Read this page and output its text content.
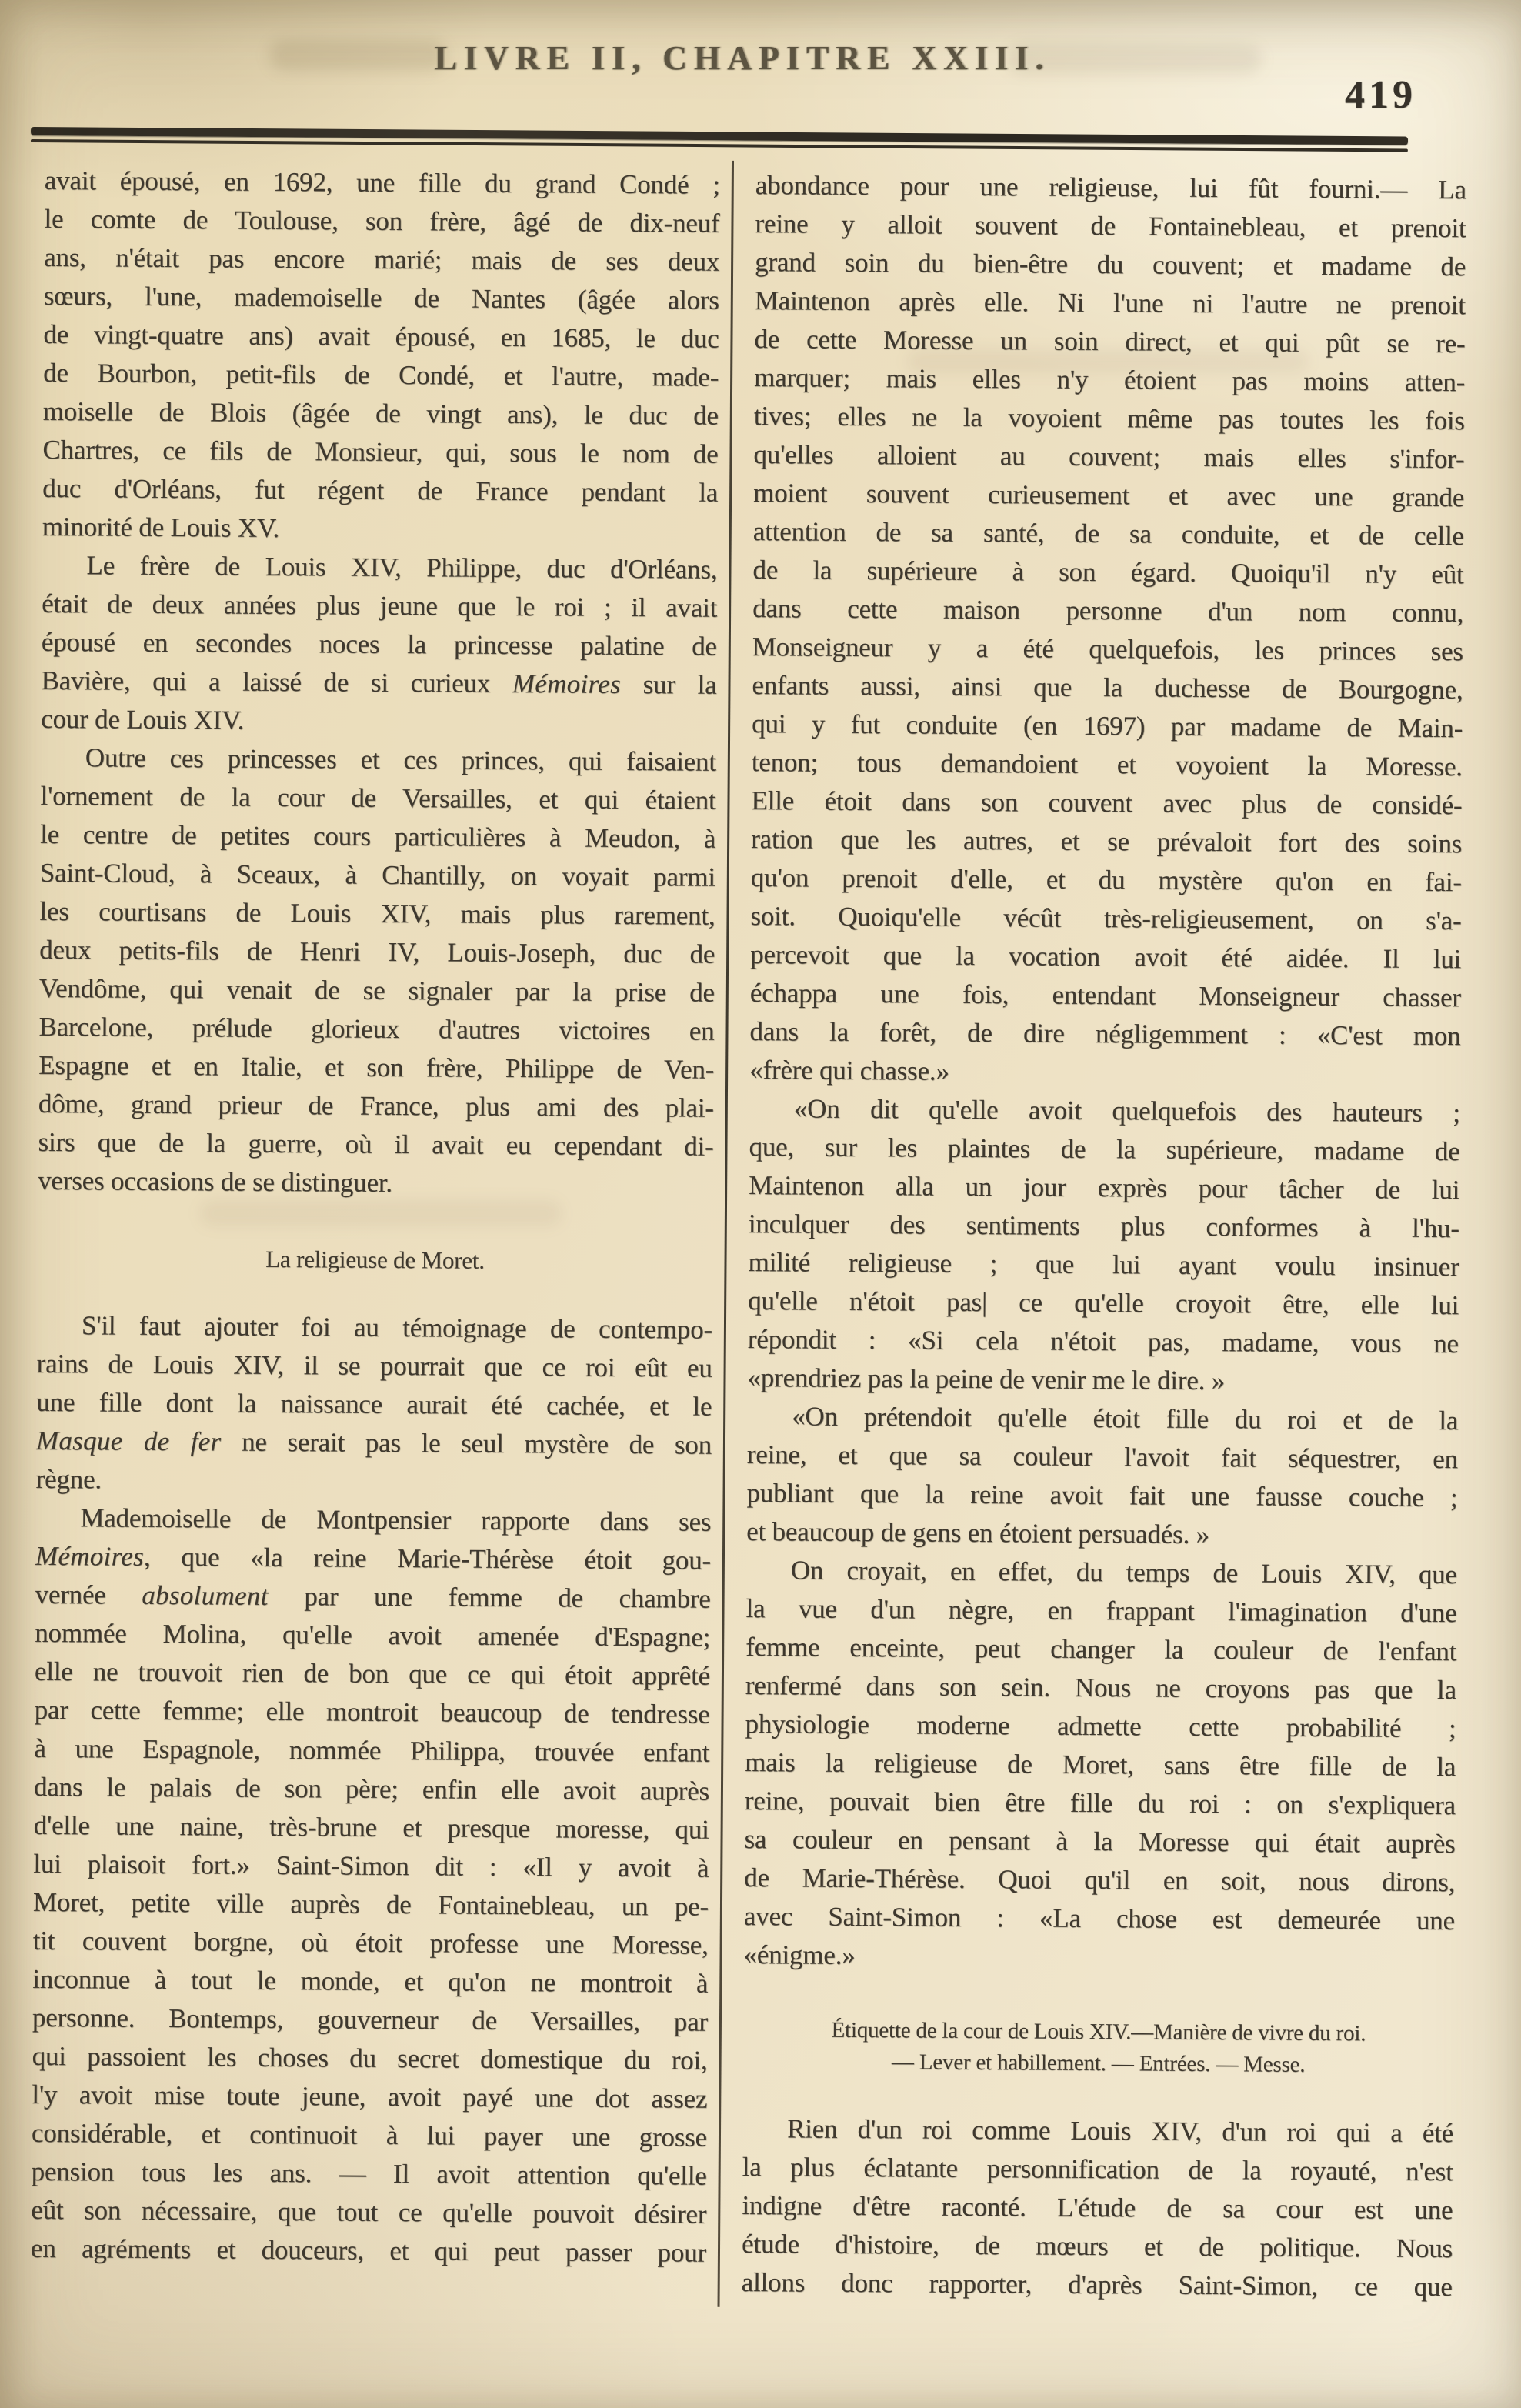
LIVRE II, CHAPITRE XXIII.
419
avait épousé, en 1692, une fille du grand Condé ;
le comte de Toulouse, son frère, âgé de dix-neuf
ans, n'était pas encore marié; mais de ses deux
sœurs, l'une, mademoiselle de Nantes (âgée alors
de vingt-quatre ans) avait épousé, en 1685, le duc
de Bourbon, petit-fils de Condé, et l'autre, made-
moiselle de Blois (âgée de vingt ans), le duc de
Chartres, ce fils de Monsieur, qui, sous le nom de
duc d'Orléans, fut régent de France pendant la
minorité de Louis XV.
Le frère de Louis XIV, Philippe, duc d'Orléans,
était de deux années plus jeune que le roi ; il avait
épousé en secondes noces la princesse palatine de
Bavière, qui a laissé de si curieux Mémoires sur la
cour de Louis XIV.
Outre ces princesses et ces princes, qui faisaient
l'ornement de la cour de Versailles, et qui étaient
le centre de petites cours particulières à Meudon, à
Saint-Cloud, à Sceaux, à Chantilly, on voyait parmi
les courtisans de Louis XIV, mais plus rarement,
deux petits-fils de Henri IV, Louis-Joseph, duc de
Vendôme, qui venait de se signaler par la prise de
Barcelone, prélude glorieux d'autres victoires en
Espagne et en Italie, et son frère, Philippe de Ven-
dôme, grand prieur de France, plus ami des plai-
sirs que de la guerre, où il avait eu cependant di-
verses occasions de se distinguer.
La religieuse de Moret.
S'il faut ajouter foi au témoignage de contempo-
rains de Louis XIV, il se pourrait que ce roi eût eu
une fille dont la naissance aurait été cachée, et le
Masque de fer ne serait pas le seul mystère de son
règne.
Mademoiselle de Montpensier rapporte dans ses
Mémoires, que «la reine Marie-Thérèse étoit gou-
vernée absolument par une femme de chambre
nommée Molina, qu'elle avoit amenée d'Espagne;
elle ne trouvoit rien de bon que ce qui étoit apprêté
par cette femme; elle montroit beaucoup de tendresse
à une Espagnole, nommée Philippa, trouvée enfant
dans le palais de son père; enfin elle avoit auprès
d'elle une naine, très-brune et presque moresse, qui
lui plaisoit fort.» Saint-Simon dit : «Il y avoit à
Moret, petite ville auprès de Fontainebleau, un pe-
tit couvent borgne, où étoit professe une Moresse,
inconnue à tout le monde, et qu'on ne montroit à
personne. Bontemps, gouverneur de Versailles, par
qui passoient les choses du secret domestique du roi,
l'y avoit mise toute jeune, avoit payé une dot assez
considérable, et continuoit à lui payer une grosse
pension tous les ans. — Il avoit attention qu'elle
eût son nécessaire, que tout ce qu'elle pouvoit désirer
en agréments et douceurs, et qui peut passer pour
abondance pour une religieuse, lui fût fourni.— La
reine y alloit souvent de Fontainebleau, et prenoit
grand soin du bien-être du couvent; et madame de
Maintenon après elle. Ni l'une ni l'autre ne prenoit
de cette Moresse un soin direct, et qui pût se re-
marquer; mais elles n'y étoient pas moins atten-
tives; elles ne la voyoient même pas toutes les fois
qu'elles alloient au couvent; mais elles s'infor-
moient souvent curieusement et avec une grande
attention de sa santé, de sa conduite, et de celle
de la supérieure à son égard. Quoiqu'il n'y eût
dans cette maison personne d'un nom connu,
Monseigneur y a été quelquefois, les princes ses
enfants aussi, ainsi que la duchesse de Bourgogne,
qui y fut conduite (en 1697) par madame de Main-
tenon; tous demandoient et voyoient la Moresse.
Elle étoit dans son couvent avec plus de considé-
ration que les autres, et se prévaloit fort des soins
qu'on prenoit d'elle, et du mystère qu'on en fai-
soit. Quoiqu'elle vécût très-religieusement, on s'a-
percevoit que la vocation avoit été aidée. Il lui
échappa une fois, entendant Monseigneur chasser
dans la forêt, de dire négligemment : «C'est mon
«frère qui chasse.»
«On dit qu'elle avoit quelquefois des hauteurs ;
que, sur les plaintes de la supérieure, madame de
Maintenon alla un jour exprès pour tâcher de lui
inculquer des sentiments plus conformes à l'hu-
milité religieuse ; que lui ayant voulu insinuer
qu'elle n'étoit pas| ce qu'elle croyoit être, elle lui
répondit : «Si cela n'étoit pas, madame, vous ne
«prendriez pas la peine de venir me le dire. »
«On prétendoit qu'elle étoit fille du roi et de la
reine, et que sa couleur l'avoit fait séquestrer, en
publiant que la reine avoit fait une fausse couche ;
et beaucoup de gens en étoient persuadés. »
On croyait, en effet, du temps de Louis XIV, que
la vue d'un nègre, en frappant l'imagination d'une
femme enceinte, peut changer la couleur de l'enfant
renfermé dans son sein. Nous ne croyons pas que la
physiologie moderne admette cette probabilité ;
mais la religieuse de Moret, sans être fille de la
reine, pouvait bien être fille du roi : on s'expliquera
sa couleur en pensant à la Moresse qui était auprès
de Marie-Thérèse. Quoi qu'il en soit, nous dirons,
avec Saint-Simon : «La chose est demeurée une
«énigme.»
Étiquette de la cour de Louis XIV.—Manière de vivre du roi.
— Lever et habillement. — Entrées. — Messe.
Rien d'un roi comme Louis XIV, d'un roi qui a été
la plus éclatante personnification de la royauté, n'est
indigne d'être raconté. L'étude de sa cour est une
étude d'histoire, de mœurs et de politique. Nous
allons donc rapporter, d'après Saint-Simon, ce que
